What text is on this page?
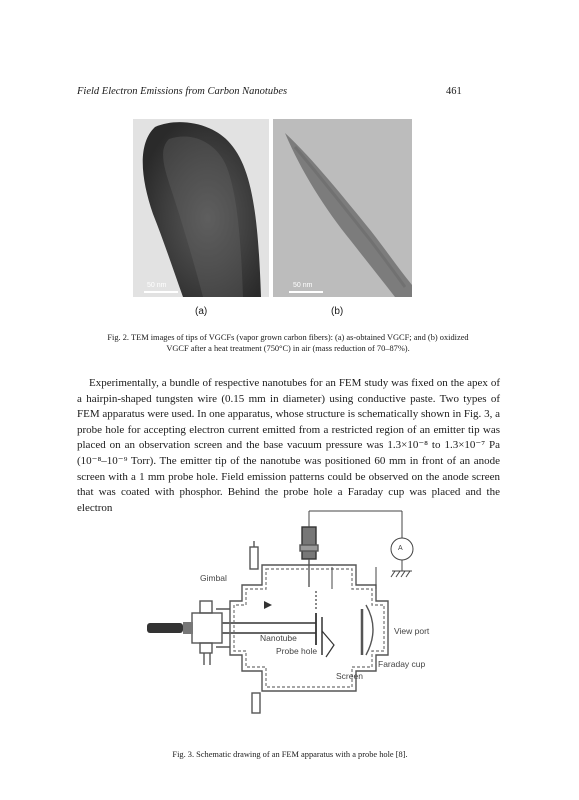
Field Electron Emissions from Carbon Nanotubes	461
50 nm	50 nm
(a)	(b)
Fig. 2. TEM images of tips of VGCFs (vapor grown carbon fibers): (a) as-obtained VGCF; and (b) oxidized
VGCF after a heat treatment (750°C) in air (mass reduction of 70–87%).

Experimentally, a bundle of respective nanotubes for an FEM study was fixed on the apex of a hairpin-shaped tungsten wire (0.15 mm in diameter) using conductive paste. Two types of FEM apparatus were used. In one apparatus, whose structure is schematically shown in Fig. 3, a probe hole for accepting electron current emitted from a restricted region of an emitter tip was placed on an observation screen and the base vacuum pressure was 1.3×10⁻⁸ to 1.3×10⁻⁷ Pa (10⁻⁸–10⁻⁹ Torr). The emitter tip of the nanotube was positioned 60 mm in front of an anode screen with a 1 mm probe hole. Field emission patterns could be observed on the anode screen that was coated with phosphor. Behind the probe hole a Faraday cup was placed and the electron

Gimbal
A
Nanotube
Probe hole
View port
Faraday cup
Screen
Fig. 3. Schematic drawing of an FEM apparatus with a probe hole [8].
